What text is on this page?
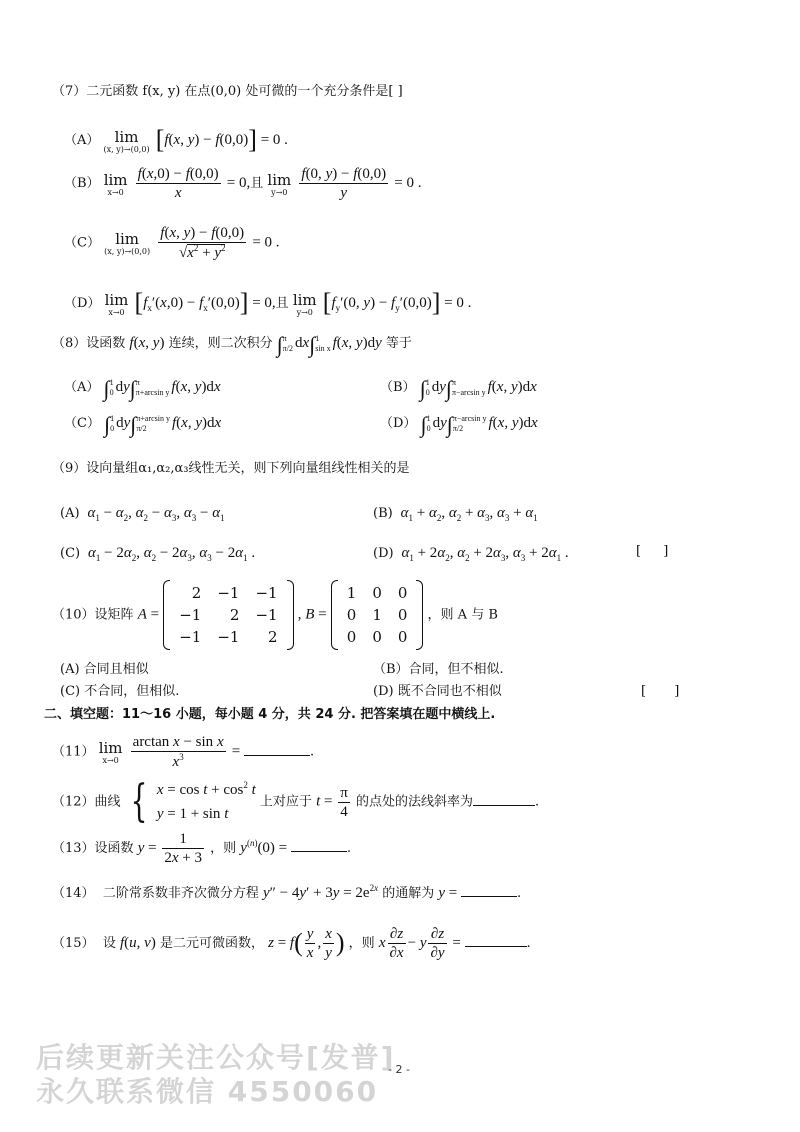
（7）二元函数 f(x, y) 在点(0,0) 处可微的一个充分条件是[ ]
（A）	lim
(x, y)→(0,0) [f(x, y) − f(0,0)] = 0 .
（B） lim
x→0
$\frac{f(x,0) - f(0,0)}{x} = 0$,且 lim
y→0
$\frac{f(0, y) - f(0,0)}{y} = 0$ .
（C）	lim
(x, y)→(0,0)
$\frac{f(x, y) - f(0,0)}{√x^2 + y^2} = 0$ .
（D） lim
x→0 $[f_x'(x,0) - f_x'(0,0)] = 0$,且 lim
y→0 [$f_y'(0$, $y) - f_y'(0,0)] = 0$ .
（8）设函数 f(x, y) 连续，则二次积分 ∫ π
π/2 dx∫ 1
sin x f(x, y)dy 等于
（A） ∫ 1
0 dy∫ π
π+arcsin y f(x, y)dx	（B） ∫ 1
0 dy∫ π
π−arcsin y f(x, y)dx
（C） ∫ 1
0 dy∫ π+arcsin y
π/2	f(x, y)dx	（D） ∫ 1
0 dy∫ π−arcsin y
π/2	f(x, y)dx
（9）设向量组α₁,α₂,α₃线性无关，则下列向量组线性相关的是
(A) $\alpha_1 - \alpha_2$, $\alpha_2 - \alpha_3$, $\alpha_3 - \alpha_1$	(B) $\alpha_1 + \alpha_2$, $\alpha_2 + \alpha_3$, $\alpha_3 + \alpha_1$
(C) $\alpha_1 - 2\alpha_2$, $\alpha_2 - 2\alpha_3$, $\alpha_3 - 2\alpha_1$ .	(D) $\alpha_1 + 2\alpha_2$, $\alpha_2 + 2\alpha_3$, $\alpha_3 + 2\alpha_1$ .	[ ]
（10）设矩阵 A =
2	−1	−1
−1	2	−1
−1	−1	2
, B =
1	0	0
0	1	0
0	0	0
，则 A 与 B
(A) 合同且相似	（B）合同，但不相似.
(C) 不合同，但相似.	(D) 既不合同也不相似	[ ]
二、填空题：11～16 小题，每小题 4 分，共 24 分. 把答案填在题中横线上.
（11） lim
x→0
$\frac{\text{arctan x − sin x}}{x^3}$ =	.
（12）曲线 { $x = \cos t + \cos^2 t$
y = 1 + sin t
上对应于 $t = \frac{\pi}{4}$ 的点处的法线斜率为	.
（13）设函数 $y = \frac{1}{2x + 3}$ ，则 $y^{(n)}(0)$ =	.
（14） 二阶常系数非齐次微分方程 $y'' - 4y' + 3y = 2e^{2x}$ 的通解为 y =	.
（15） 设 f(u, v) 是二元可微函数， $z = f( \frac{y}{x}$ , $\frac{x}{y}$ ) ，则 x $\frac{\partial z}{\partial x} - y \frac{\partial z}{\partial y}$ =	.
后续更新关注公众号[发普]
永久联系微信 4550060
- 2 -
